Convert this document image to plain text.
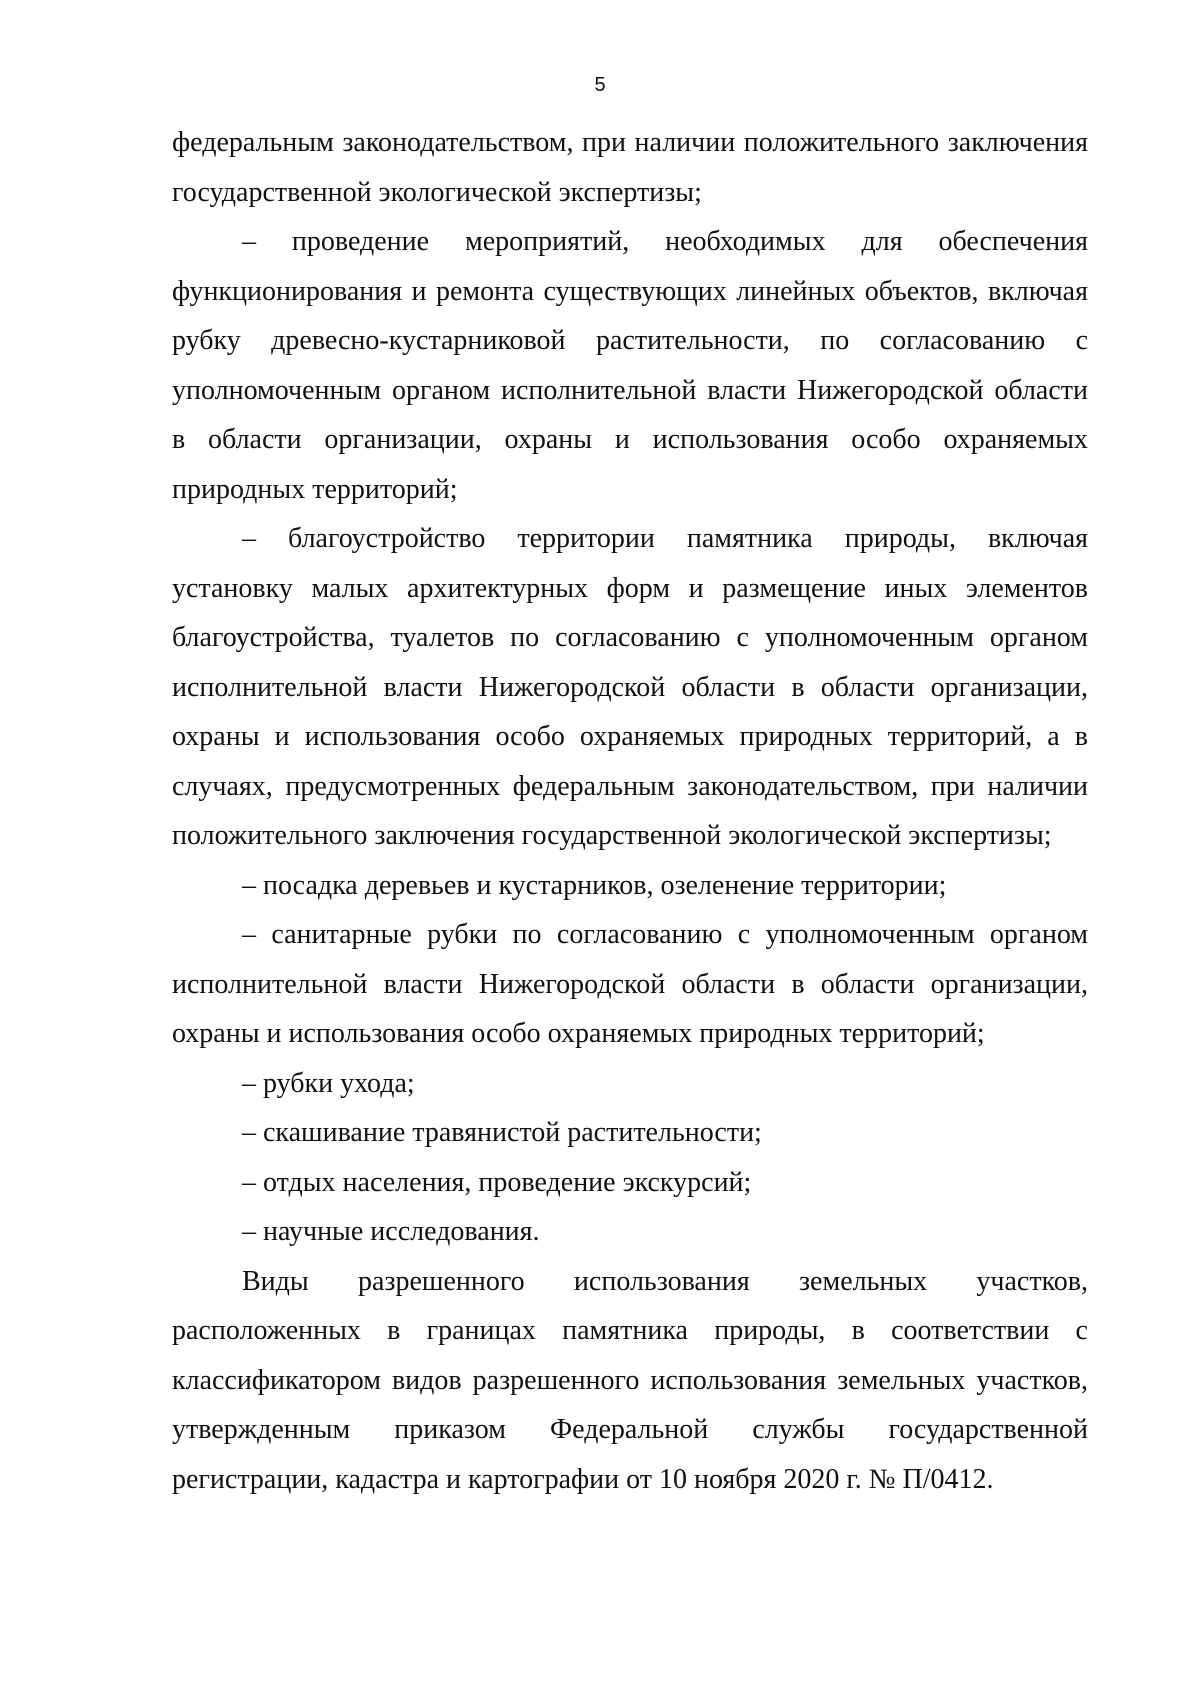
5

федеральным законодательством, при наличии положительного заключения государственной экологической экспертизы;

– проведение мероприятий, необходимых для обеспечения функционирования и ремонта существующих линейных объектов, включая рубку древесно-кустарниковой растительности, по согласованию с уполномоченным органом исполнительной власти Нижегородской области в области организации, охраны и использования особо охраняемых природных территорий;

– благоустройство территории памятника природы, включая установку малых архитектурных форм и размещение иных элементов благоустройства, туалетов по согласованию с уполномоченным органом исполнительной власти Нижегородской области в области организации, охраны и использования особо охраняемых природных территорий, а в случаях, предусмотренных федеральным законодательством, при наличии положительного заключения государственной экологической экспертизы;

– посадка деревьев и кустарников, озеленение территории;

– санитарные рубки по согласованию с уполномоченным органом исполнительной власти Нижегородской области в области организации, охраны и использования особо охраняемых природных территорий;

– рубки ухода;

– скашивание травянистой растительности;

– отдых населения, проведение экскурсий;

– научные исследования.

Виды разрешенного использования земельных участков, расположенных в границах памятника природы, в соответствии с классификатором видов разрешенного использования земельных участков, утвержденным приказом Федеральной службы государственной регистрации, кадастра и картографии от 10 ноября 2020 г. № П/0412.
